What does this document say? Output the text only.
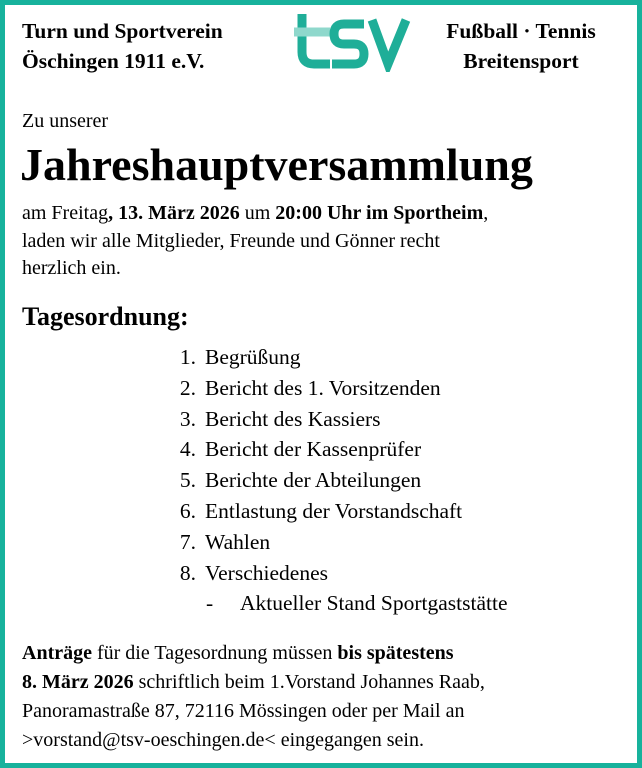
Turn und Sportverein
Öschingen 1911 e.V.
Fußball · Tennis
Breitensport
Zu unserer
Jahreshauptversammlung
am Freitag, 13. März 2026 um 20:00 Uhr im Sportheim,
laden wir alle Mitglieder, Freunde und Gönner recht
herzlich ein.
Tagesordnung:
1. Begrüßung
2. Bericht des 1. Vorsitzenden
3. Bericht des Kassiers
4. Bericht der Kassenprüfer
5. Berichte der Abteilungen
6. Entlastung der Vorstandschaft
7. Wahlen
8. Verschiedenes
- Aktueller Stand Sportgaststätte
Anträge für die Tagesordnung müssen bis spätestens
8. März 2026 schriftlich beim 1.Vorstand Johannes Raab,
Panoramastraße 87, 72116 Mössingen oder per Mail an
>vorstand@tsv-oeschingen.de< eingegangen sein.
